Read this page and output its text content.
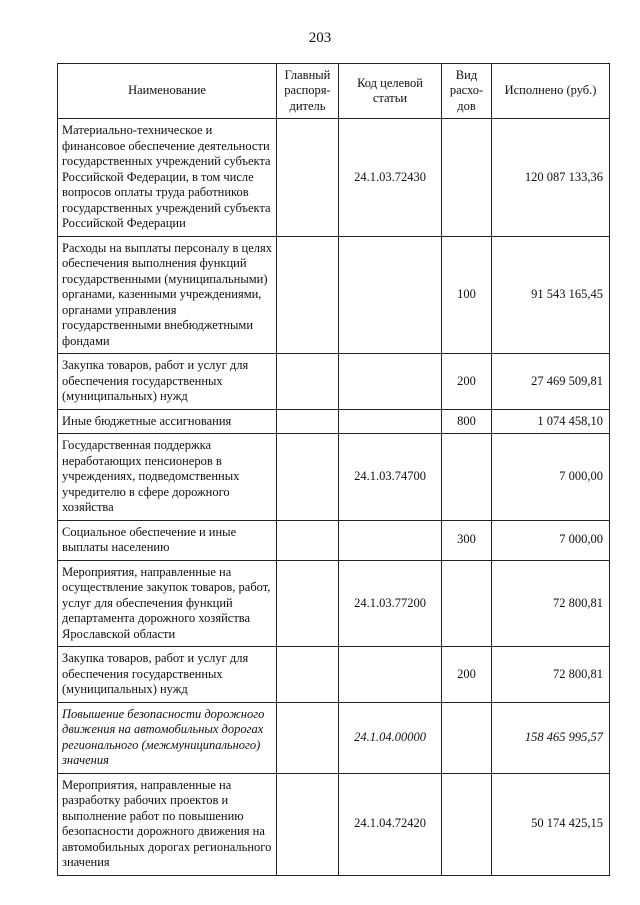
203
Наименование	Главный распоря-дитель	Код целевой статьи	Вид расхо-дов	Исполнено (руб.)
Материально-техническое и финансовое обеспечение деятельности государственных учреждений субъекта Российской Федерации, в том числе вопросов оплаты труда работников государственных учреждений субъекта Российской Федерации		24.1.03.72430		120 087 133,36
Расходы на выплаты персоналу в целях обеспечения выполнения функций государственными (муниципальными) органами, казенными учреждениями, органами управления государственными внебюджетными фондами			100	91 543 165,45
Закупка товаров, работ и услуг для обеспечения государственных (муниципальных) нужд			200	27 469 509,81
Иные бюджетные ассигнования			800	1 074 458,10
Государственная поддержка неработающих пенсионеров в учреждениях, подведомственных учредителю в сфере дорожного хозяйства		24.1.03.74700		7 000,00
Социальное обеспечение и иные выплаты населению			300	7 000,00
Мероприятия, направленные на осуществление закупок товаров, работ, услуг для обеспечения функций департамента дорожного хозяйства Ярославской области		24.1.03.77200		72 800,81
Закупка товаров, работ и услуг для обеспечения государственных (муниципальных) нужд			200	72 800,81
Повышение безопасности дорожного движения на автомобильных дорогах регионального (межмуниципального) значения		24.1.04.00000		158 465 995,57
Мероприятия, направленные на разработку рабочих проектов и выполнение работ по повышению безопасности дорожного движения на автомобильных дорогах регионального значения		24.1.04.72420		50 174 425,15
